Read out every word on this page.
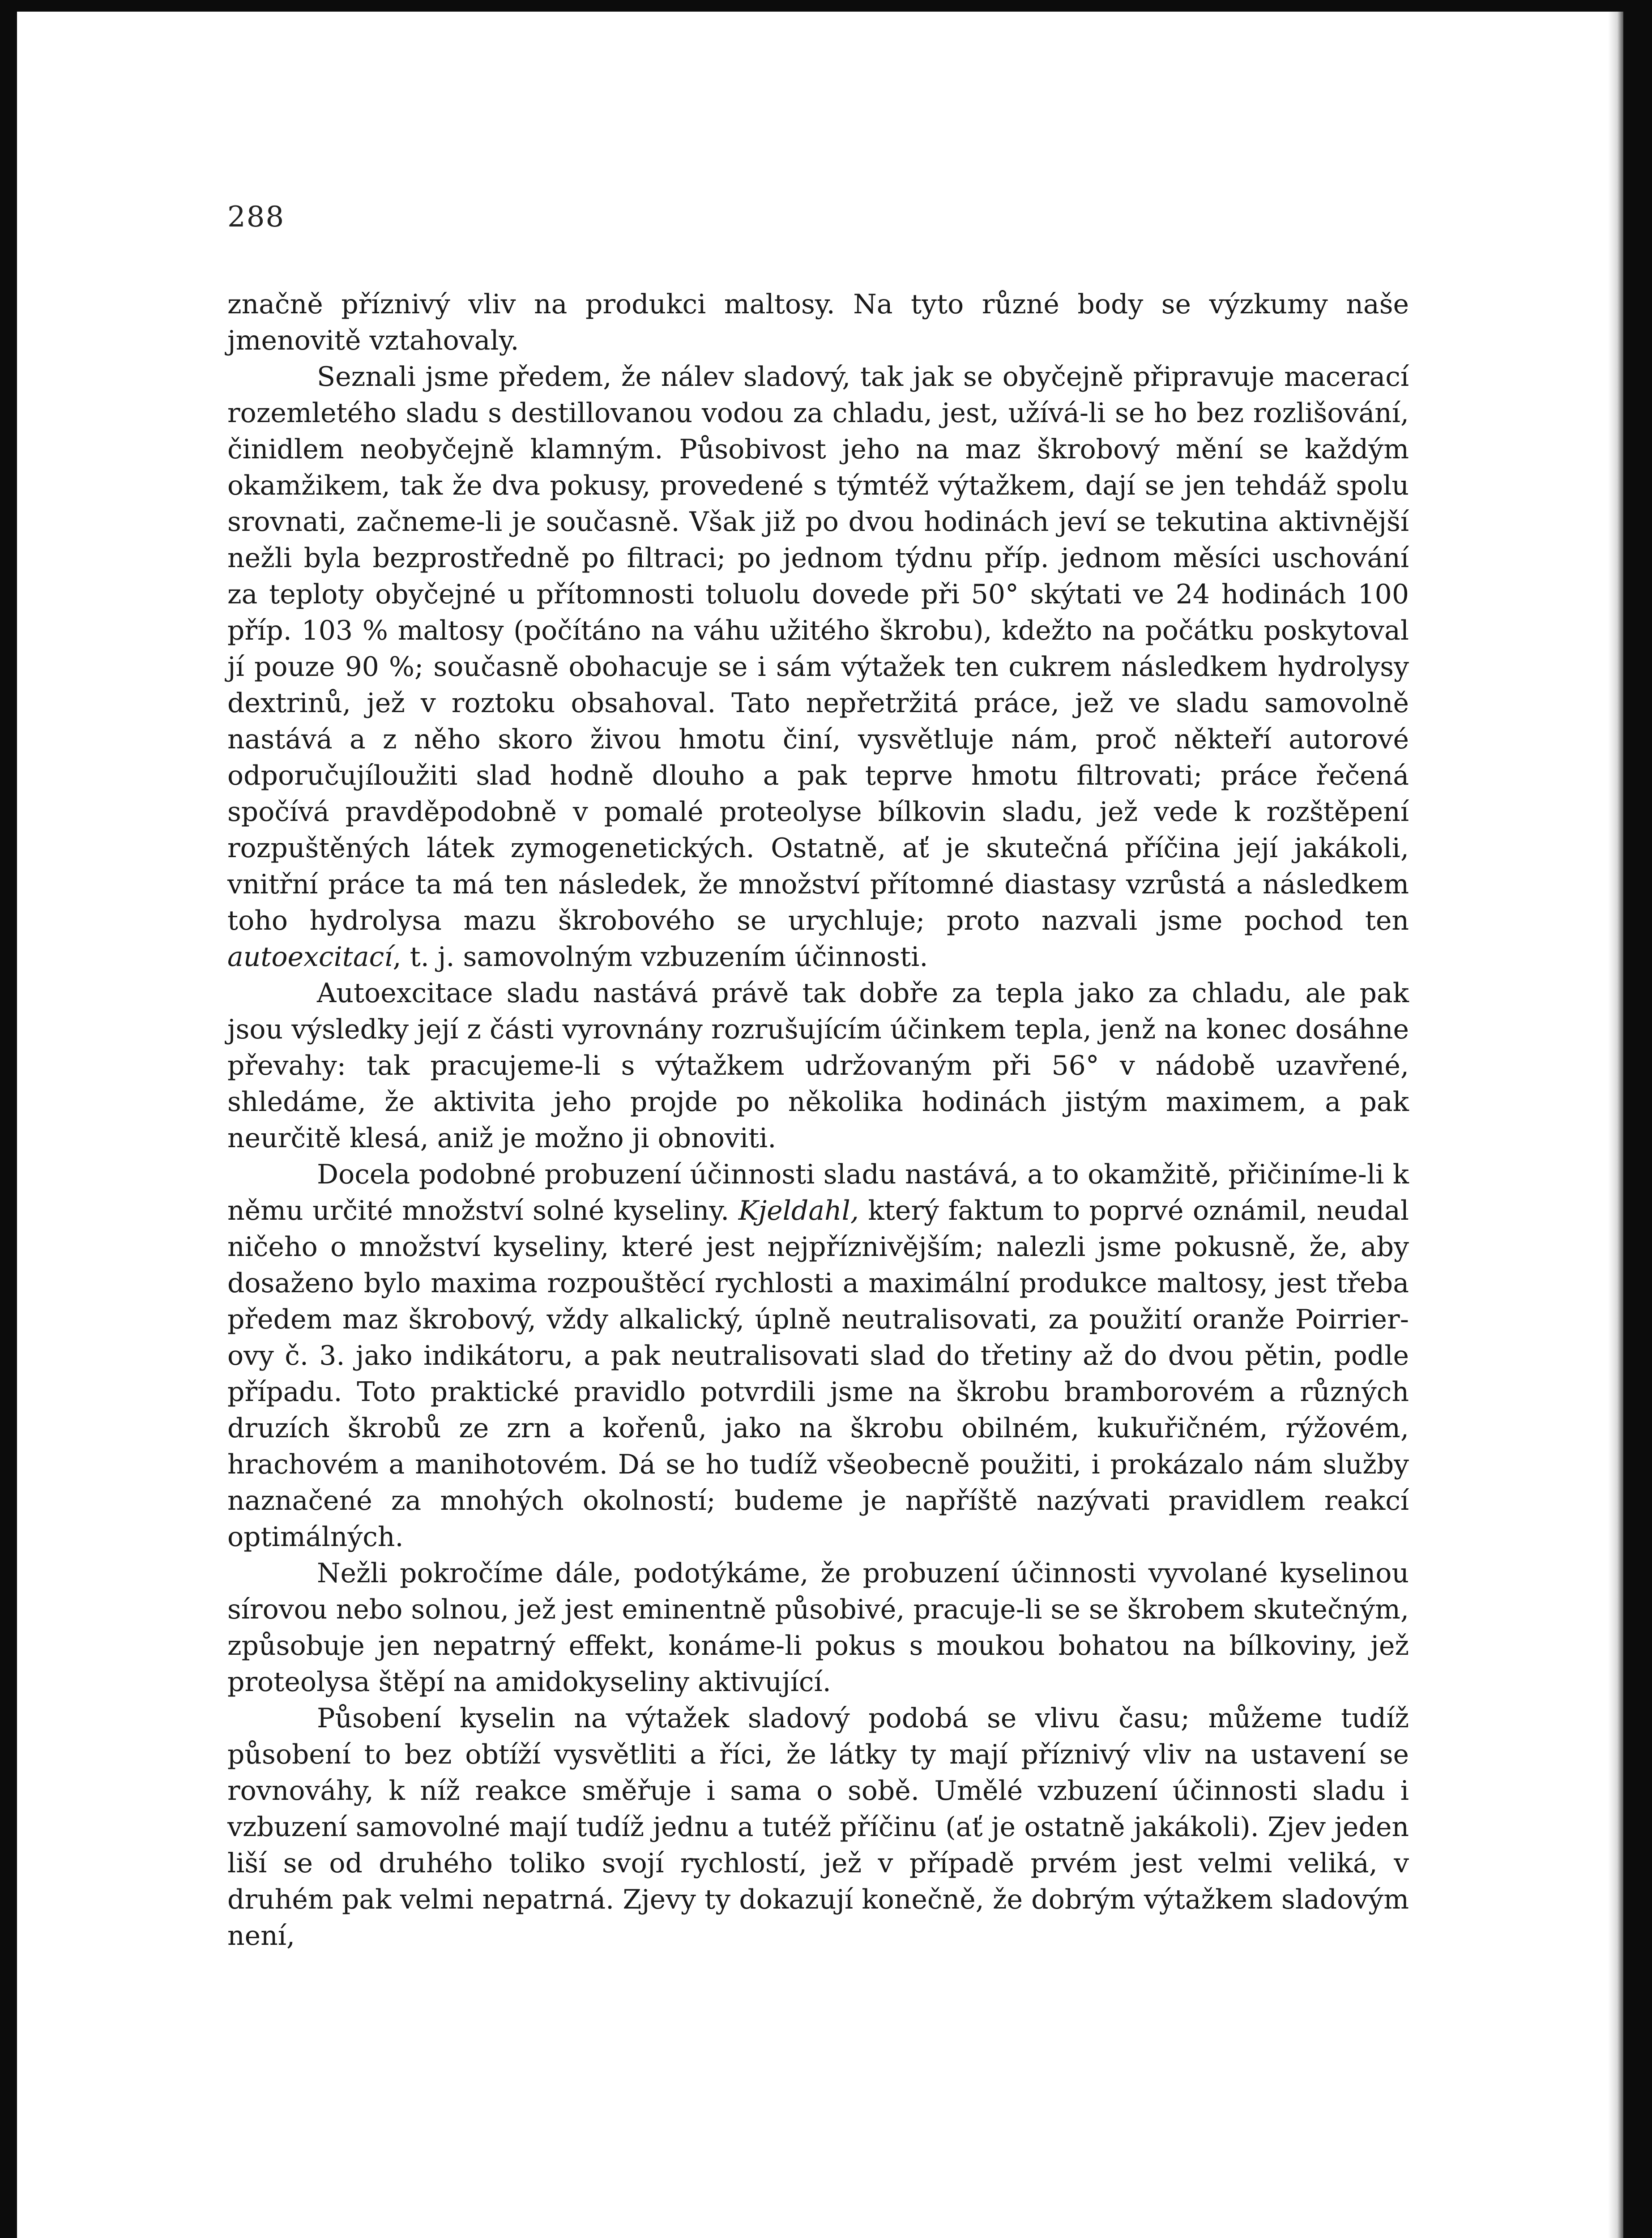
288

značně příznivý vliv na produkci maltosy. Na tyto různé body se výzkumy naše jmenovitě vztahovaly.

Seznali jsme předem, že nálev sladový, tak jak se obyčejně připravuje macerací rozemletého sladu s destillovanou vodou za chladu, jest, užívá-li se ho bez rozlišování, činidlem neobyčejně klamným. Působivost jeho na maz škrobový mění se každým okamžikem, tak že dva pokusy, provedené s týmtéž výtažkem, dají se jen tehdáž spolu srovnati, začneme-li je současně. Však již po dvou hodinách jeví se tekutina aktivnější nežli byla bezprostředně po filtraci; po jednom týdnu příp. jednom měsíci uschování za teploty obyčejné u přítomnosti toluolu dovede při 50° skýtati ve 24 hodinách 100 příp. 103 % maltosy (počítáno na váhu užitého škrobu), kdežto na počátku poskytoval jí pouze 90 %; současně obohacuje se i sám výtažek ten cukrem následkem hydrolysy dextrinů, jež v roztoku obsahoval. Tato nepřetržitá práce, jež ve sladu samovolně nastává a z něho skoro živou hmotu činí, vysvětluje nám, proč někteří autorové odporučujíloužiti slad hodně dlouho a pak teprve hmotu filtrovati; práce řečená spočívá pravděpodobně v pomalé proteolyse bílkovin sladu, jež vede k rozštěpení rozpuštěných látek zymogenetických. Ostatně, ať je skutečná příčina její jakákoli, vnitřní práce ta má ten následek, že množství přítomné diastasy vzrůstá a následkem toho hydrolysa mazu škrobového se urychluje; proto nazvali jsme pochod ten autoexcitací, t. j. samovolným vzbuzením účinnosti.

Autoexcitace sladu nastává právě tak dobře za tepla jako za chladu, ale pak jsou výsledky její z části vyrovnány rozrušujícím účinkem tepla, jenž na konec dosáhne převahy: tak pracujeme-li s výtažkem udržovaným při 56° v nádobě uzavřené, shledáme, že aktivita jeho projde po několika hodinách jistým maximem, a pak neurčitě klesá, aniž je možno ji obnoviti.

Docela podobné probuzení účinnosti sladu nastává, a to okamžitě, přičiníme-li k němu určité množství solné kyseliny. Kjeldahl, který faktum to poprvé oznámil, neudal ničeho o množství kyseliny, které jest nejpříznivějším; nalezli jsme pokusně, že, aby dosaženo bylo maxima rozpouštěcí rychlosti a maximální produkce maltosy, jest třeba předem maz škrobový, vždy alkalický, úplně neutralisovati, za použití oranže Poirrier-ovy č. 3. jako indikátoru, a pak neutralisovati slad do třetiny až do dvou pětin, podle případu. Toto praktické pravidlo potvrdili jsme na škrobu bramborovém a různých druzích škrobů ze zrn a kořenů, jako na škrobu obilném, kukuřičném, rýžovém, hrachovém a manihotovém. Dá se ho tudíž všeobecně použiti, i prokázalo nám služby naznačené za mnohých okolností; budeme je napříště nazývati pravidlem reakcí optimálných.

Nežli pokročíme dále, podotýkáme, že probuzení účinnosti vyvolané kyselinou sírovou nebo solnou, jež jest eminentně působivé, pracuje-li se se škrobem skutečným, způsobuje jen nepatrný effekt, konáme-li pokus s moukou bohatou na bílkoviny, jež proteolysa štěpí na amidokyseliny aktivující.

Působení kyselin na výtažek sladový podobá se vlivu času; můžeme tudíž působení to bez obtíží vysvětliti a říci, že látky ty mají příznivý vliv na ustavení se rovnováhy, k níž reakce směřuje i sama o sobě. Umělé vzbuzení účinnosti sladu i vzbuzení samovolné mají tudíž jednu a tutéž příčinu (ať je ostatně jakákoli). Zjev jeden liší se od druhého toliko svojí rychlostí, jež v případě prvém jest velmi veliká, v druhém pak velmi nepatrná. Zjevy ty dokazují konečně, že dobrým výtažkem sladovým není,
